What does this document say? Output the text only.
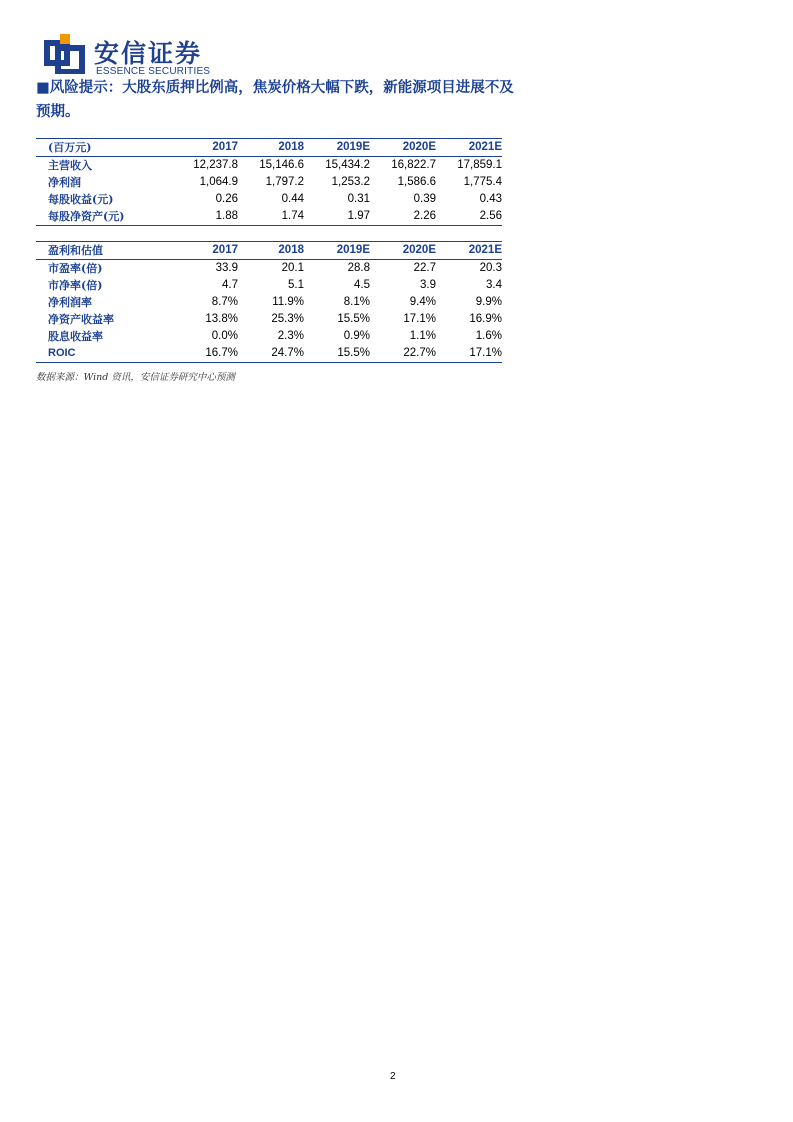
安信证券
ESSENCE SECURITIES
■风险提示：大股东质押比例高，焦炭价格大幅下跌，新能源项目进展不及预期。
(百万元)	2017	2018	2019E	2020E	2021E
主营收入	12,237.8	15,146.6	15,434.2	16,822.7	17,859.1
净利润	1,064.9	1,797.2	1,253.2	1,586.6	1,775.4
每股收益(元)	0.26	0.44	0.31	0.39	0.43
每股净资产(元)	1.88	1.74	1.97	2.26	2.56
盈利和估值	2017	2018	2019E	2020E	2021E
市盈率(倍)	33.9	20.1	28.8	22.7	20.3
市净率(倍)	4.7	5.1	4.5	3.9	3.4
净利润率	8.7%	11.9%	8.1%	9.4%	9.9%
净资产收益率	13.8%	25.3%	15.5%	17.1%	16.9%
股息收益率	0.0%	2.3%	0.9%	1.1%	1.6%
ROIC	16.7%	24.7%	15.5%	22.7%	17.1%
数据来源：Wind 资讯，安信证券研究中心预测
2
